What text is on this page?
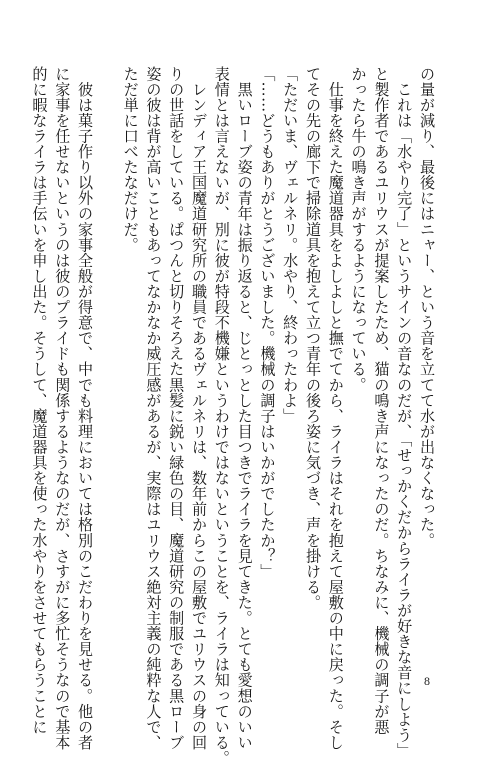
の量が減り、最後にはニャー、という音を立てて水が出なくなった。
　これは「水やり完了」というサインの音なのだが、「せっかくだからライラが好きな音にしよう」
と製作者であるユリウスが提案したため、猫の鳴き声になったのだ。ちなみに、機械の調子が悪
かったら牛の鳴き声がするようになっている。
　仕事を終えた魔道器具をよしよしと撫でてから、ライラはそれを抱えて屋敷の中に戻った。そし
てその先の廊下で掃除道具を抱えて立つ青年の後ろ姿に気づき、声を掛ける。
「ただいま、ヴェルネリ。水やり、終わったわよ」
「……どうもありがとうございました。機械の調子はいかがでしたか？」
　黒いローブ姿の青年は振り返ると、じとっとした目つきでライラを見てきた。とても愛想のいい
表情とは言えないが、別に彼が特段不機嫌というわけではないということを、ライラは知っている。
　レンディア王国魔道研究所の職員であるヴェルネリは、数年前からこの屋敷でユリウスの身の回
りの世話をしている。ぱつんと切りそろえた黒髪に鋭い緑色の目、魔道研究の制服である黒ローブ
姿の彼は背が高いこともあってなかなか威圧感があるが、実際はユリウス絶対主義の純粋な人で、
ただ単に口べたなだけだ。

　彼は菓子作り以外の家事全般が得意で、中でも料理においては格別のこだわりを見せる。他の者
に家事を任せないというのは彼のプライドも関係するようなのだが、さすがに多忙そうなので基本
的に暇なライラは手伝いを申し出た。そうして、魔道器具を使った水やりをさせてもらうことに	8
